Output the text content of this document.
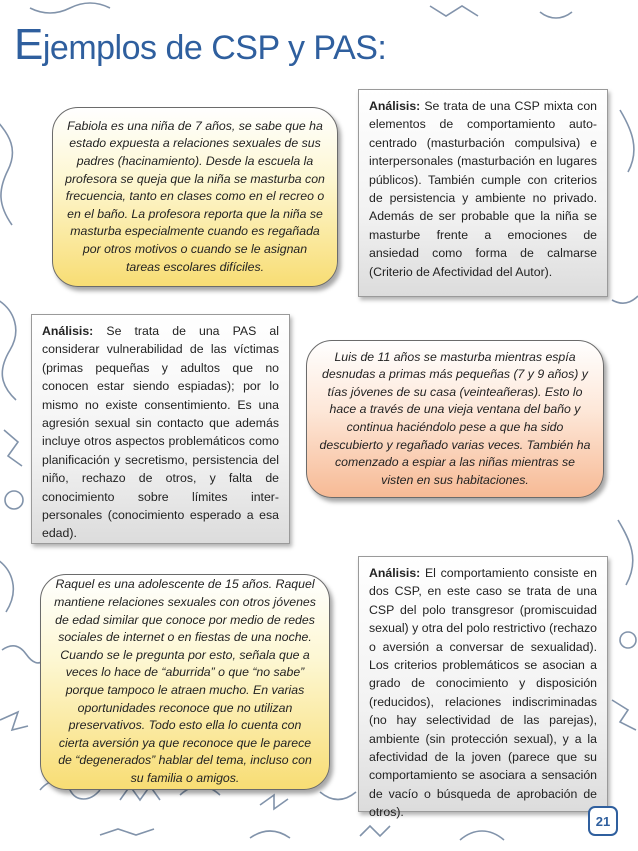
Ejemplos de CSP y PAS:
Fabiola es una niña de 7 años, se sabe que ha estado expuesta a relaciones sexuales de sus padres (hacinamiento). Desde la escuela la profesora se queja que la niña se masturba con frecuencia, tanto en clases como en el recreo o en el baño. La profesora reporta que la niña se masturba especialmente cuando es regañada por otros motivos o cuando se le asignan tareas escolares difíciles.
Análisis: Se trata de una CSP mixta con elementos de comportamiento auto-centrado (masturbación compulsiva) e interpersonales (masturbación en lugares públicos). También cumple con criterios de persistencia y ambiente no privado. Además de ser probable que la niña se masturbe frente a emociones de ansiedad como forma de calmarse (Criterio de Afectividad del Autor).
Análisis: Se trata de una PAS al considerar vulnerabilidad de las víctimas (primas pequeñas y adultos que no conocen estar siendo espiadas); por lo mismo no existe consentimiento. Es una agresión sexual sin contacto que además incluye otros aspectos problemáticos como planificación y secretismo, persistencia del niño, rechazo de otros, y falta de conocimiento sobre límites inter-personales (conocimiento esperado a esa edad).
Luis de 11 años se masturba mientras espía desnudas a primas más pequeñas (7 y 9 años) y tías jóvenes de su casa (veinteañeras). Esto lo hace a través de una vieja ventana del baño y continua haciéndolo pese a que ha sido descubierto y regañado varias veces. También ha comenzado a espiar a las niñas mientras se visten en sus habitaciones.
Raquel es una adolescente de 15 años. Raquel mantiene relaciones sexuales con otros jóvenes de edad similar que conoce por medio de redes sociales de internet o en fiestas de una noche. Cuando se le pregunta por esto, señala que a veces lo hace de “aburrida” o que “no sabe” porque tampoco le atraen mucho. En varias oportunidades reconoce que no utilizan preservativos. Todo esto ella lo cuenta con cierta aversión ya que reconoce que le parece de “degenerados” hablar del tema, incluso con su familia o amigos.
Análisis: El comportamiento consiste en dos CSP, en este caso se trata de una CSP del polo transgresor (promiscuidad sexual) y otra del polo restrictivo (rechazo o aversión a conversar de sexualidad). Los criterios problemáticos se asocian a grado de conocimiento y disposición (reducidos), relaciones indiscriminadas (no hay selectividad de las parejas), ambiente (sin protección sexual), y a la afectividad de la joven (parece que su comportamiento se asociara a sensación de vacío o búsqueda de aprobación de otros).
21
